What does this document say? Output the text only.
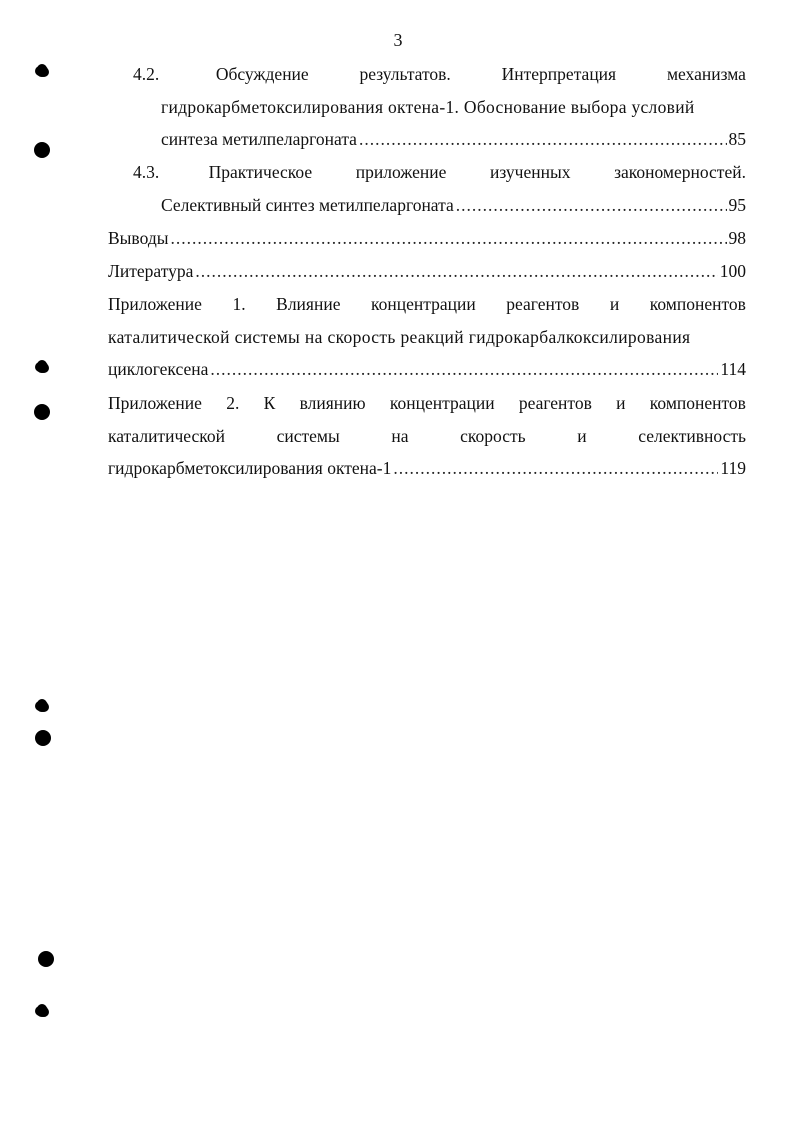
3
4.2.	Обсуждение	результатов.	Интерпретация	механизма
гидрокарбметоксилирования октена-1. Обоснование выбора условий
синтеза метилпеларгоната .....	85
4.3.	Практическое приложение изученных закономерностей.
Селективный синтез метилпеларгоната .....	95
Выводы .....	98
Литература .....	100
Приложение 1. Влияние концентрации реагентов и компонентов
каталитической системы на скорость реакций гидрокарбалкоксилирования
циклогексена .....	114
Приложение 2. К влиянию концентрации реагентов и компонентов
каталитической	системы	на	скорость	и	селективность
гидрокарбметоксилирования октена-1 .....	119
